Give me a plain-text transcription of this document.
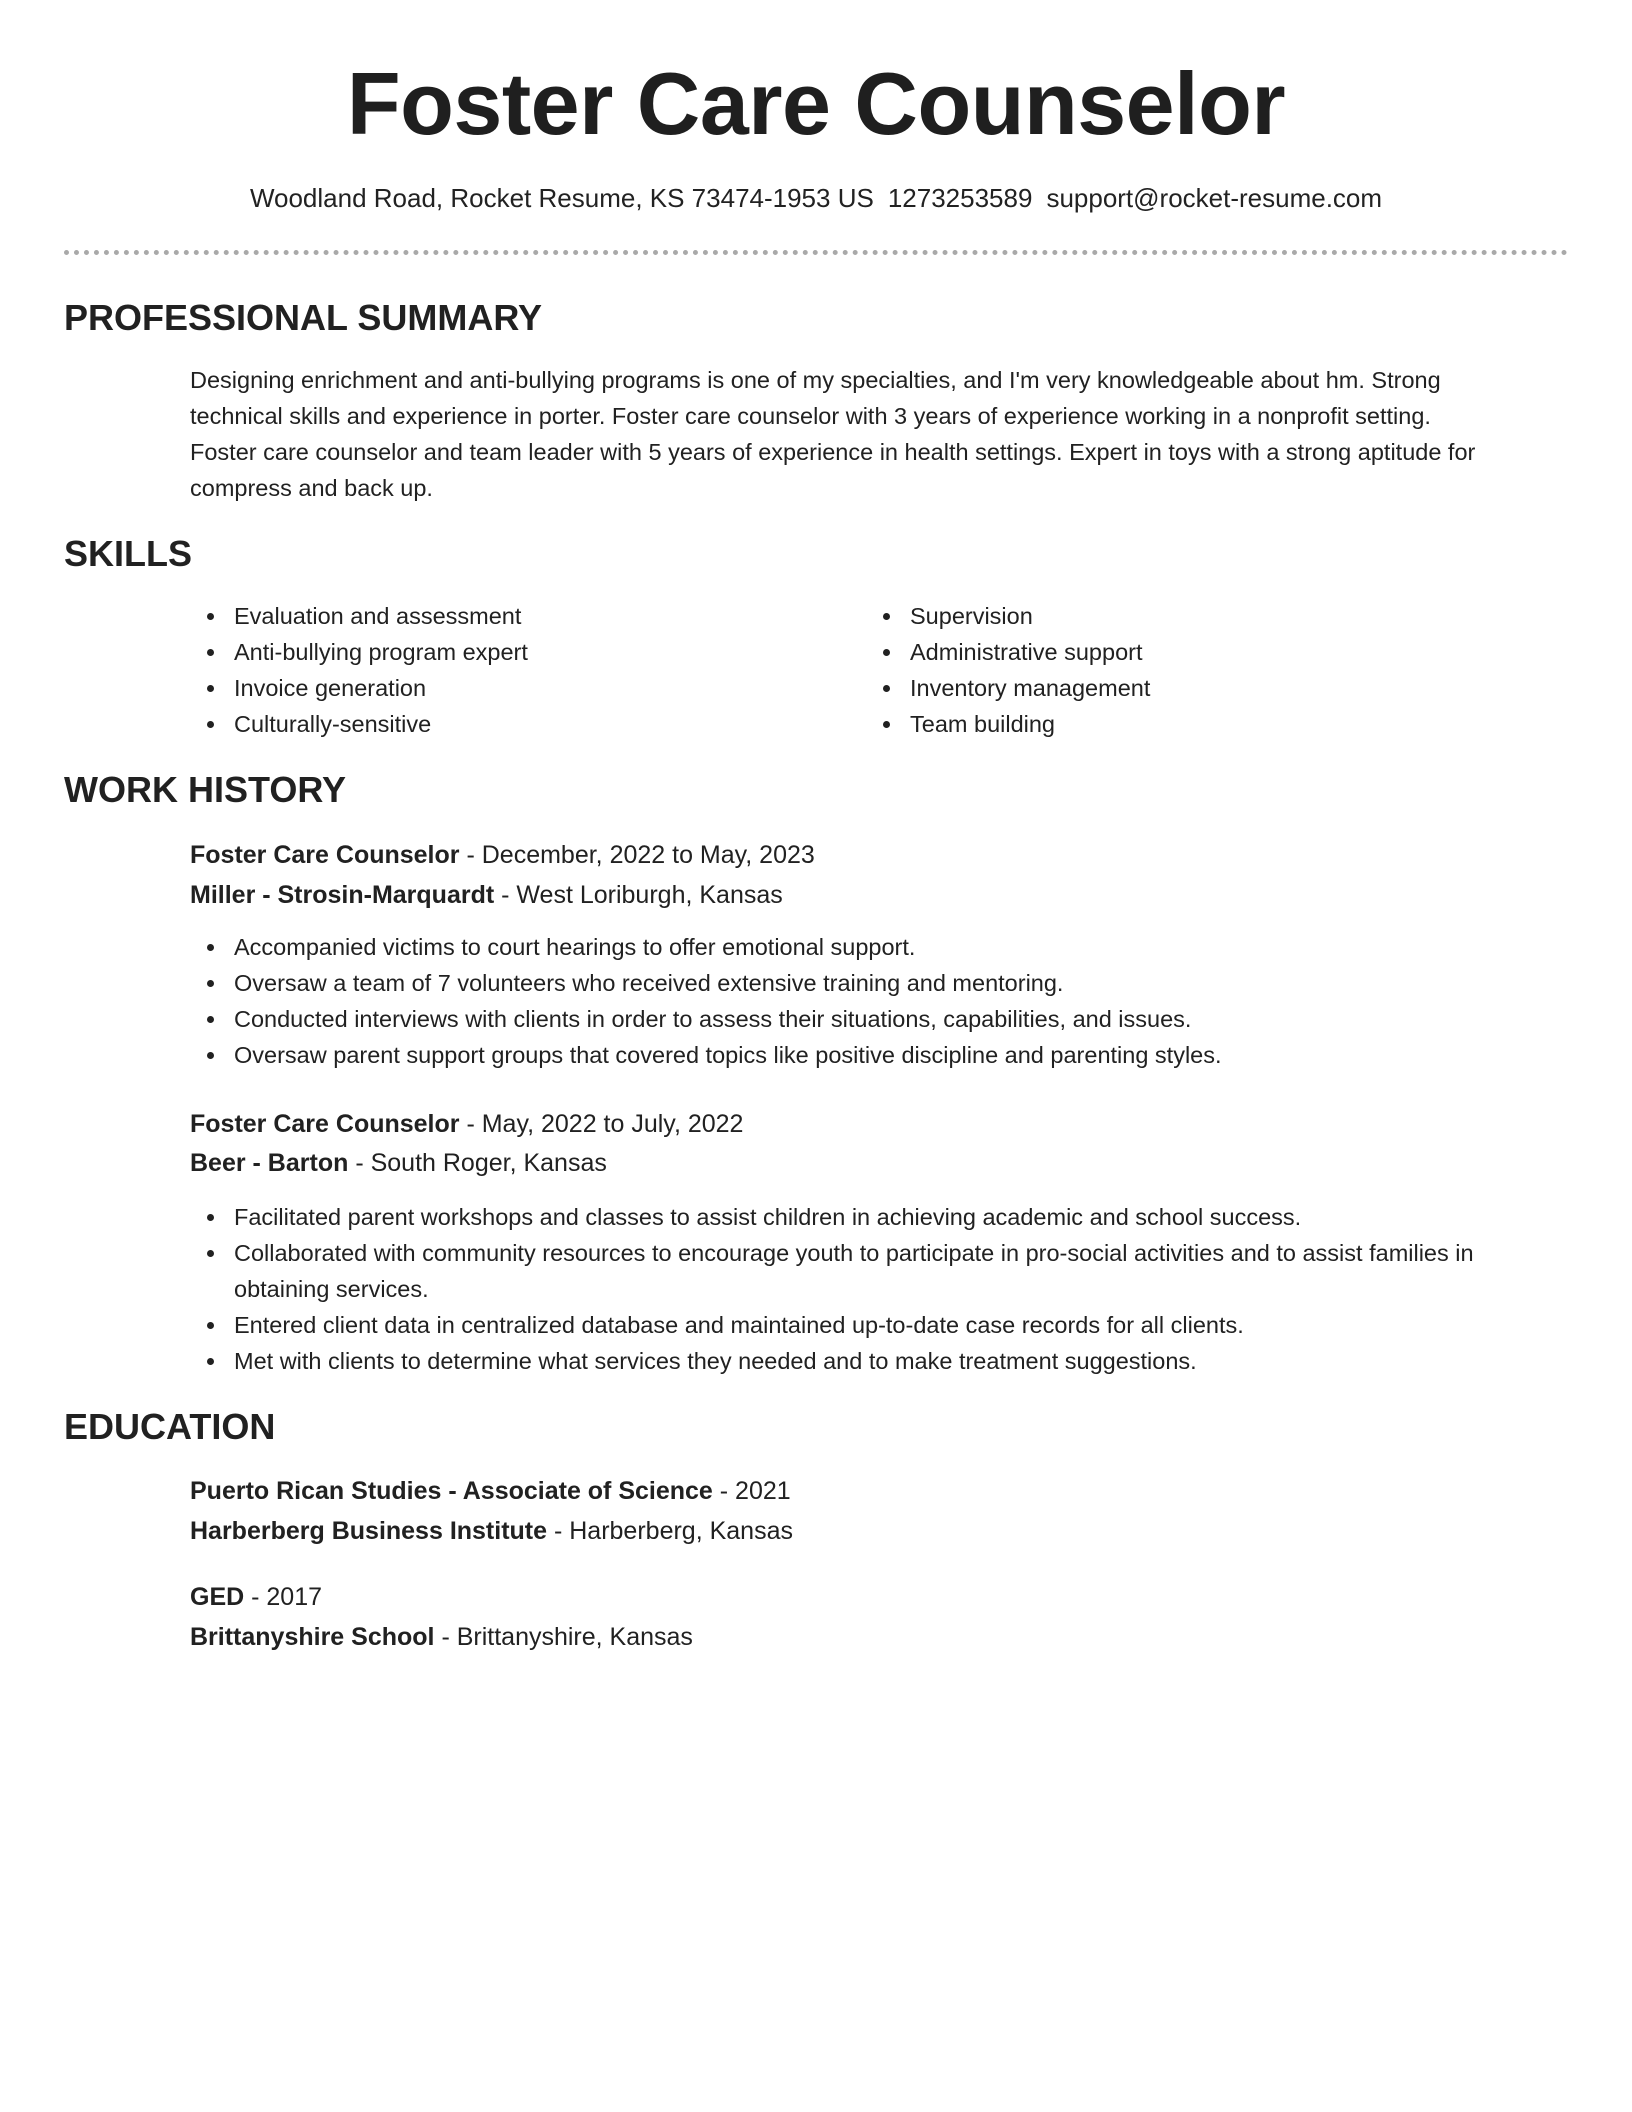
Foster Care Counselor
Woodland Road, Rocket Resume, KS 73474-1953 US 1273253589 support@rocket-resume.com
PROFESSIONAL SUMMARY
Designing enrichment and anti-bullying programs is one of my specialties, and I'm very knowledgeable about hm. Strong
technical skills and experience in porter. Foster care counselor with 3 years of experience working in a nonprofit setting.
Foster care counselor and team leader with 5 years of experience in health settings. Expert in toys with a strong aptitude for
compress and back up.
SKILLS
Evaluation and assessment
Anti-bullying program expert
Invoice generation
Culturally-sensitive
Supervision
Administrative support
Inventory management
Team building
WORK HISTORY
Foster Care Counselor - December, 2022 to May, 2023
Miller - Strosin-Marquardt - West Loriburgh, Kansas
Accompanied victims to court hearings to offer emotional support.
Oversaw a team of 7 volunteers who received extensive training and mentoring.
Conducted interviews with clients in order to assess their situations, capabilities, and issues.
Oversaw parent support groups that covered topics like positive discipline and parenting styles.
Foster Care Counselor - May, 2022 to July, 2022
Beer - Barton - South Roger, Kansas
Facilitated parent workshops and classes to assist children in achieving academic and school success.
Collaborated with community resources to encourage youth to participate in pro-social activities and to assist families in
obtaining services.
Entered client data in centralized database and maintained up-to-date case records for all clients.
Met with clients to determine what services they needed and to make treatment suggestions.
EDUCATION
Puerto Rican Studies - Associate of Science - 2021
Harberberg Business Institute - Harberberg, Kansas
GED - 2017
Brittanyshire School - Brittanyshire, Kansas
